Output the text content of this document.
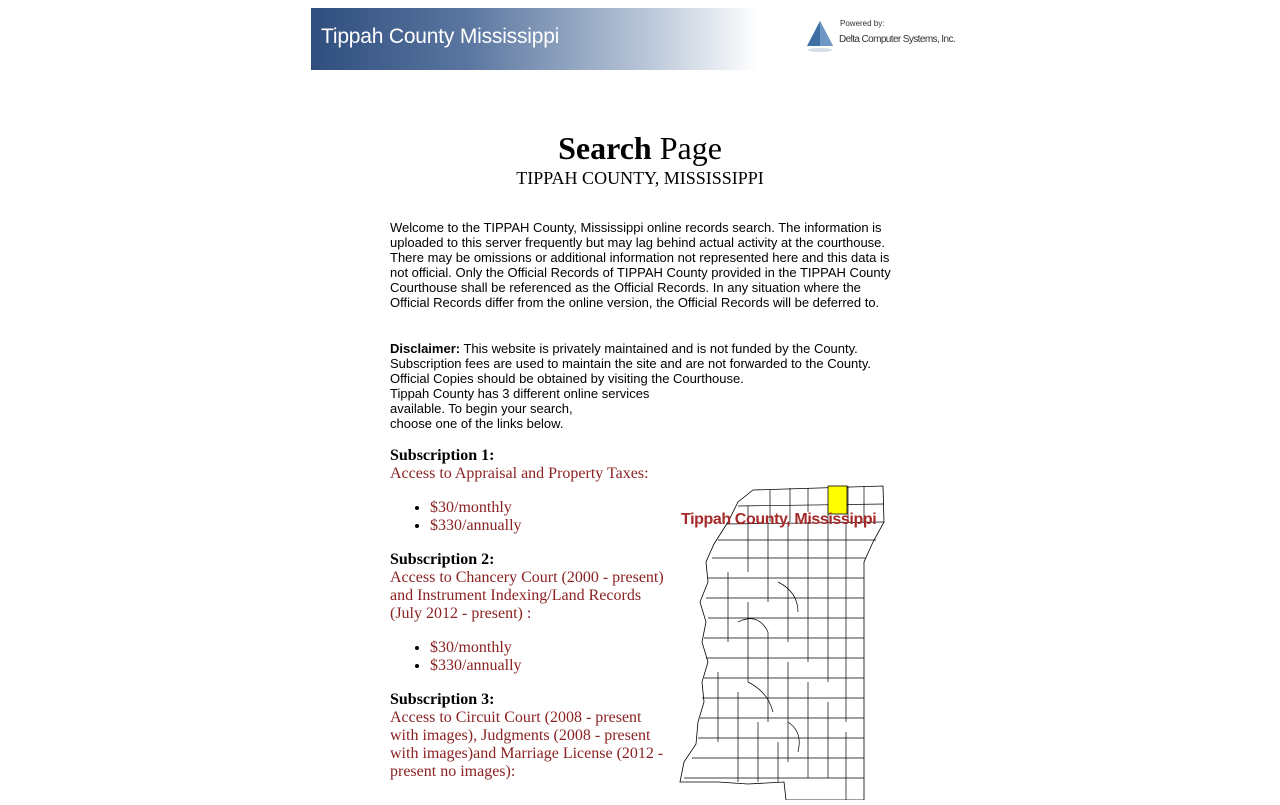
Tippah County Mississippi
Powered by:
Delta Computer Systems, Inc.
Search Page
TIPPAH COUNTY, MISSISSIPPI

Welcome to the TIPPAH County, Mississippi online records search. The information is uploaded to this server frequently but may lag behind actual activity at the courthouse. There may be omissions or additional information not represented here and this data is not official. Only the Official Records of TIPPAH County provided in the TIPPAH County Courthouse shall be referenced as the Official Records. In any situation where the Official Records differ from the online version, the Official Records will be deferred to.

Disclaimer: This website is privately maintained and is not funded by the County. Subscription fees are used to maintain the site and are not forwarded to the County. Official Copies should be obtained by visiting the Courthouse.

Tippah County has 3 different online services
available. To begin your search,
choose one of the links below.

Subscription 1:
Access to Appraisal and Property Taxes:
• $30/monthly
• $330/annually
Subscription 2:
Access to Chancery Court (2000 - present) and Instrument Indexing/Land Records (July 2012 - present) :
• $30/monthly
• $330/annually
Subscription 3:
Access to Circuit Court (2008 - present with images), Judgments (2008 - present with images)and Marriage License (2012 - present no images):
Tippah County, Mississippi
